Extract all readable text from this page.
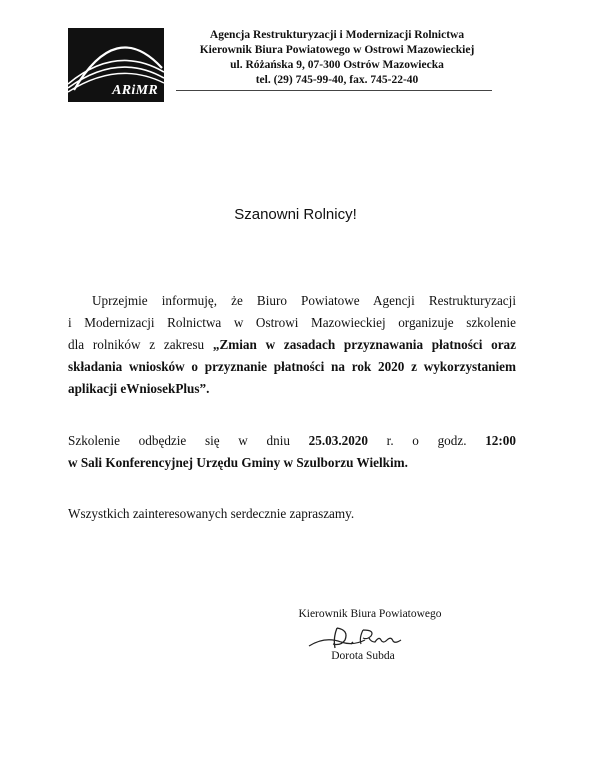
ARiMR
Agencja Restrukturyzacji i Modernizacji Rolnictwa
Kierownik Biura Powiatowego w Ostrowi Mazowieckiej
ul. Różańska 9, 07-300 Ostrów Mazowiecka
tel. (29) 745-99-40, fax. 745-22-40
Szanowni Rolnicy!
Uprzejmie informuję, że Biuro Powiatowe Agencji Restrukturyzacji
i Modernizacji Rolnictwa w Ostrowi Mazowieckiej organizuje szkolenie
dla rolników z zakresu „Zmian w zasadach przyznawania płatności oraz
składania wniosków o przyznanie płatności na rok 2020 z wykorzystaniem
aplikacji eWniosekPlus”.
Szkolenie odbędzie się w dniu 25.03.2020 r. o godz. 12:00
w Sali Konferencyjnej Urzędu Gminy w Szulborzu Wielkim.
Wszystkich zainteresowanych serdecznie zapraszamy.
Kierownik Biura Powiatowego
Dorota Subda
